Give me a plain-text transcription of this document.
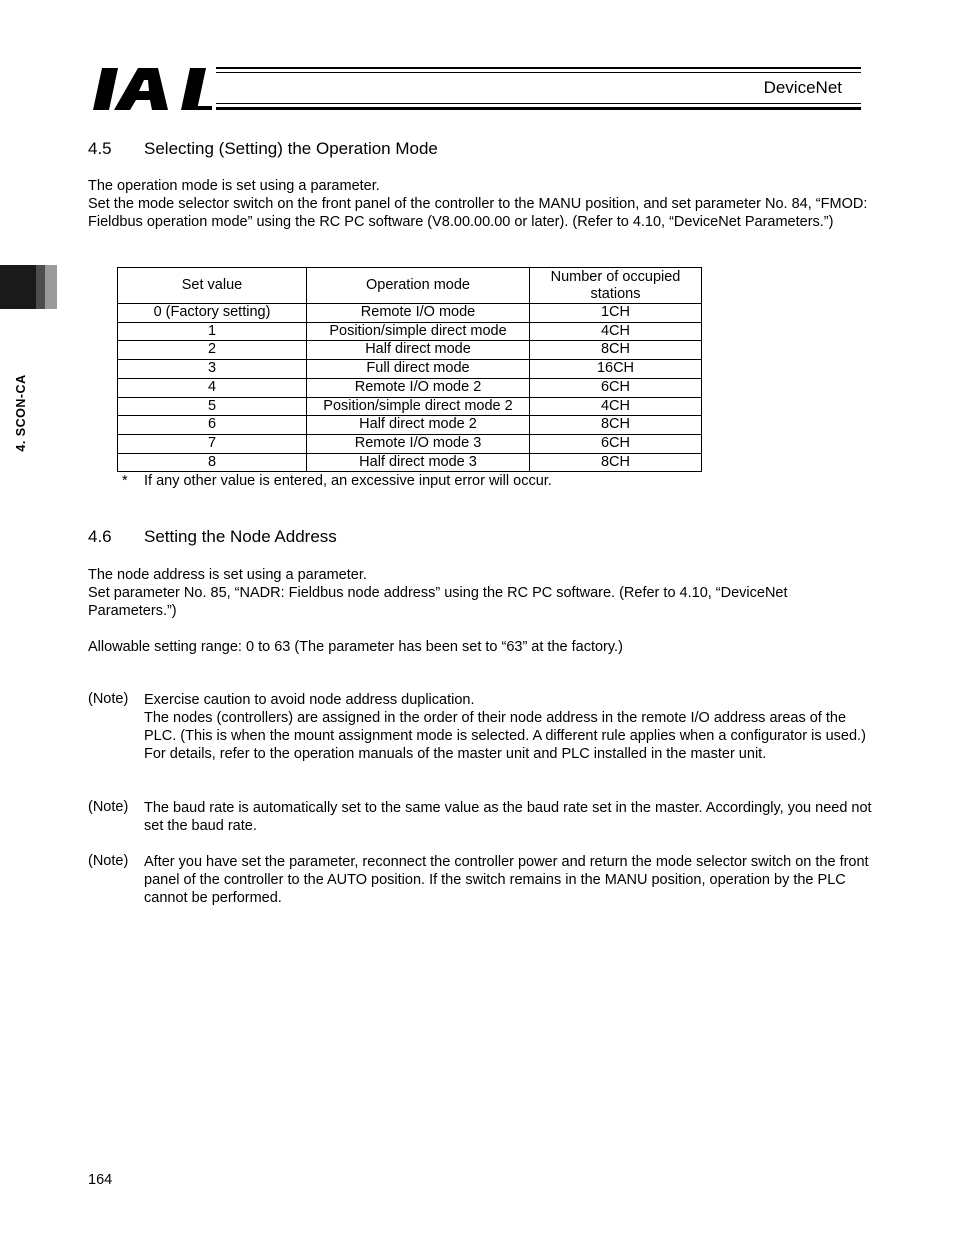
DeviceNet
4. SCON-CA
4.5 Selecting (Setting) the Operation Mode
The operation mode is set using a parameter.
Set the mode selector switch on the front panel of the controller to the MANU position, and set parameter No. 84, “FMOD: Fieldbus operation mode” using the RC PC software (V8.00.00.00 or later). (Refer to 4.10, “DeviceNet Parameters.”)
Set value	Operation mode	Number of occupied stations
0 (Factory setting)	Remote I/O mode	1CH
1	Position/simple direct mode	4CH
2	Half direct mode	8CH
3	Full direct mode	16CH
4	Remote I/O mode 2	6CH
5	Position/simple direct mode 2	4CH
6	Half direct mode 2	8CH
7	Remote I/O mode 3	6CH
8	Half direct mode 3	8CH
* If any other value is entered, an excessive input error will occur.
4.6 Setting the Node Address
The node address is set using a parameter.
Set parameter No. 85, “NADR: Fieldbus node address” using the RC PC software. (Refer to 4.10, “DeviceNet Parameters.”)
Allowable setting range: 0 to 63 (The parameter has been set to “63” at the factory.)
(Note) Exercise caution to avoid node address duplication.
The nodes (controllers) are assigned in the order of their node address in the remote I/O address areas of the PLC. (This is when the mount assignment mode is selected. A different rule applies when a configurator is used.)
For details, refer to the operation manuals of the master unit and PLC installed in the master unit.
(Note) The baud rate is automatically set to the same value as the baud rate set in the master. Accordingly, you need not set the baud rate.
(Note) After you have set the parameter, reconnect the controller power and return the mode selector switch on the front panel of the controller to the AUTO position. If the switch remains in the MANU position, operation by the PLC cannot be performed.
164
